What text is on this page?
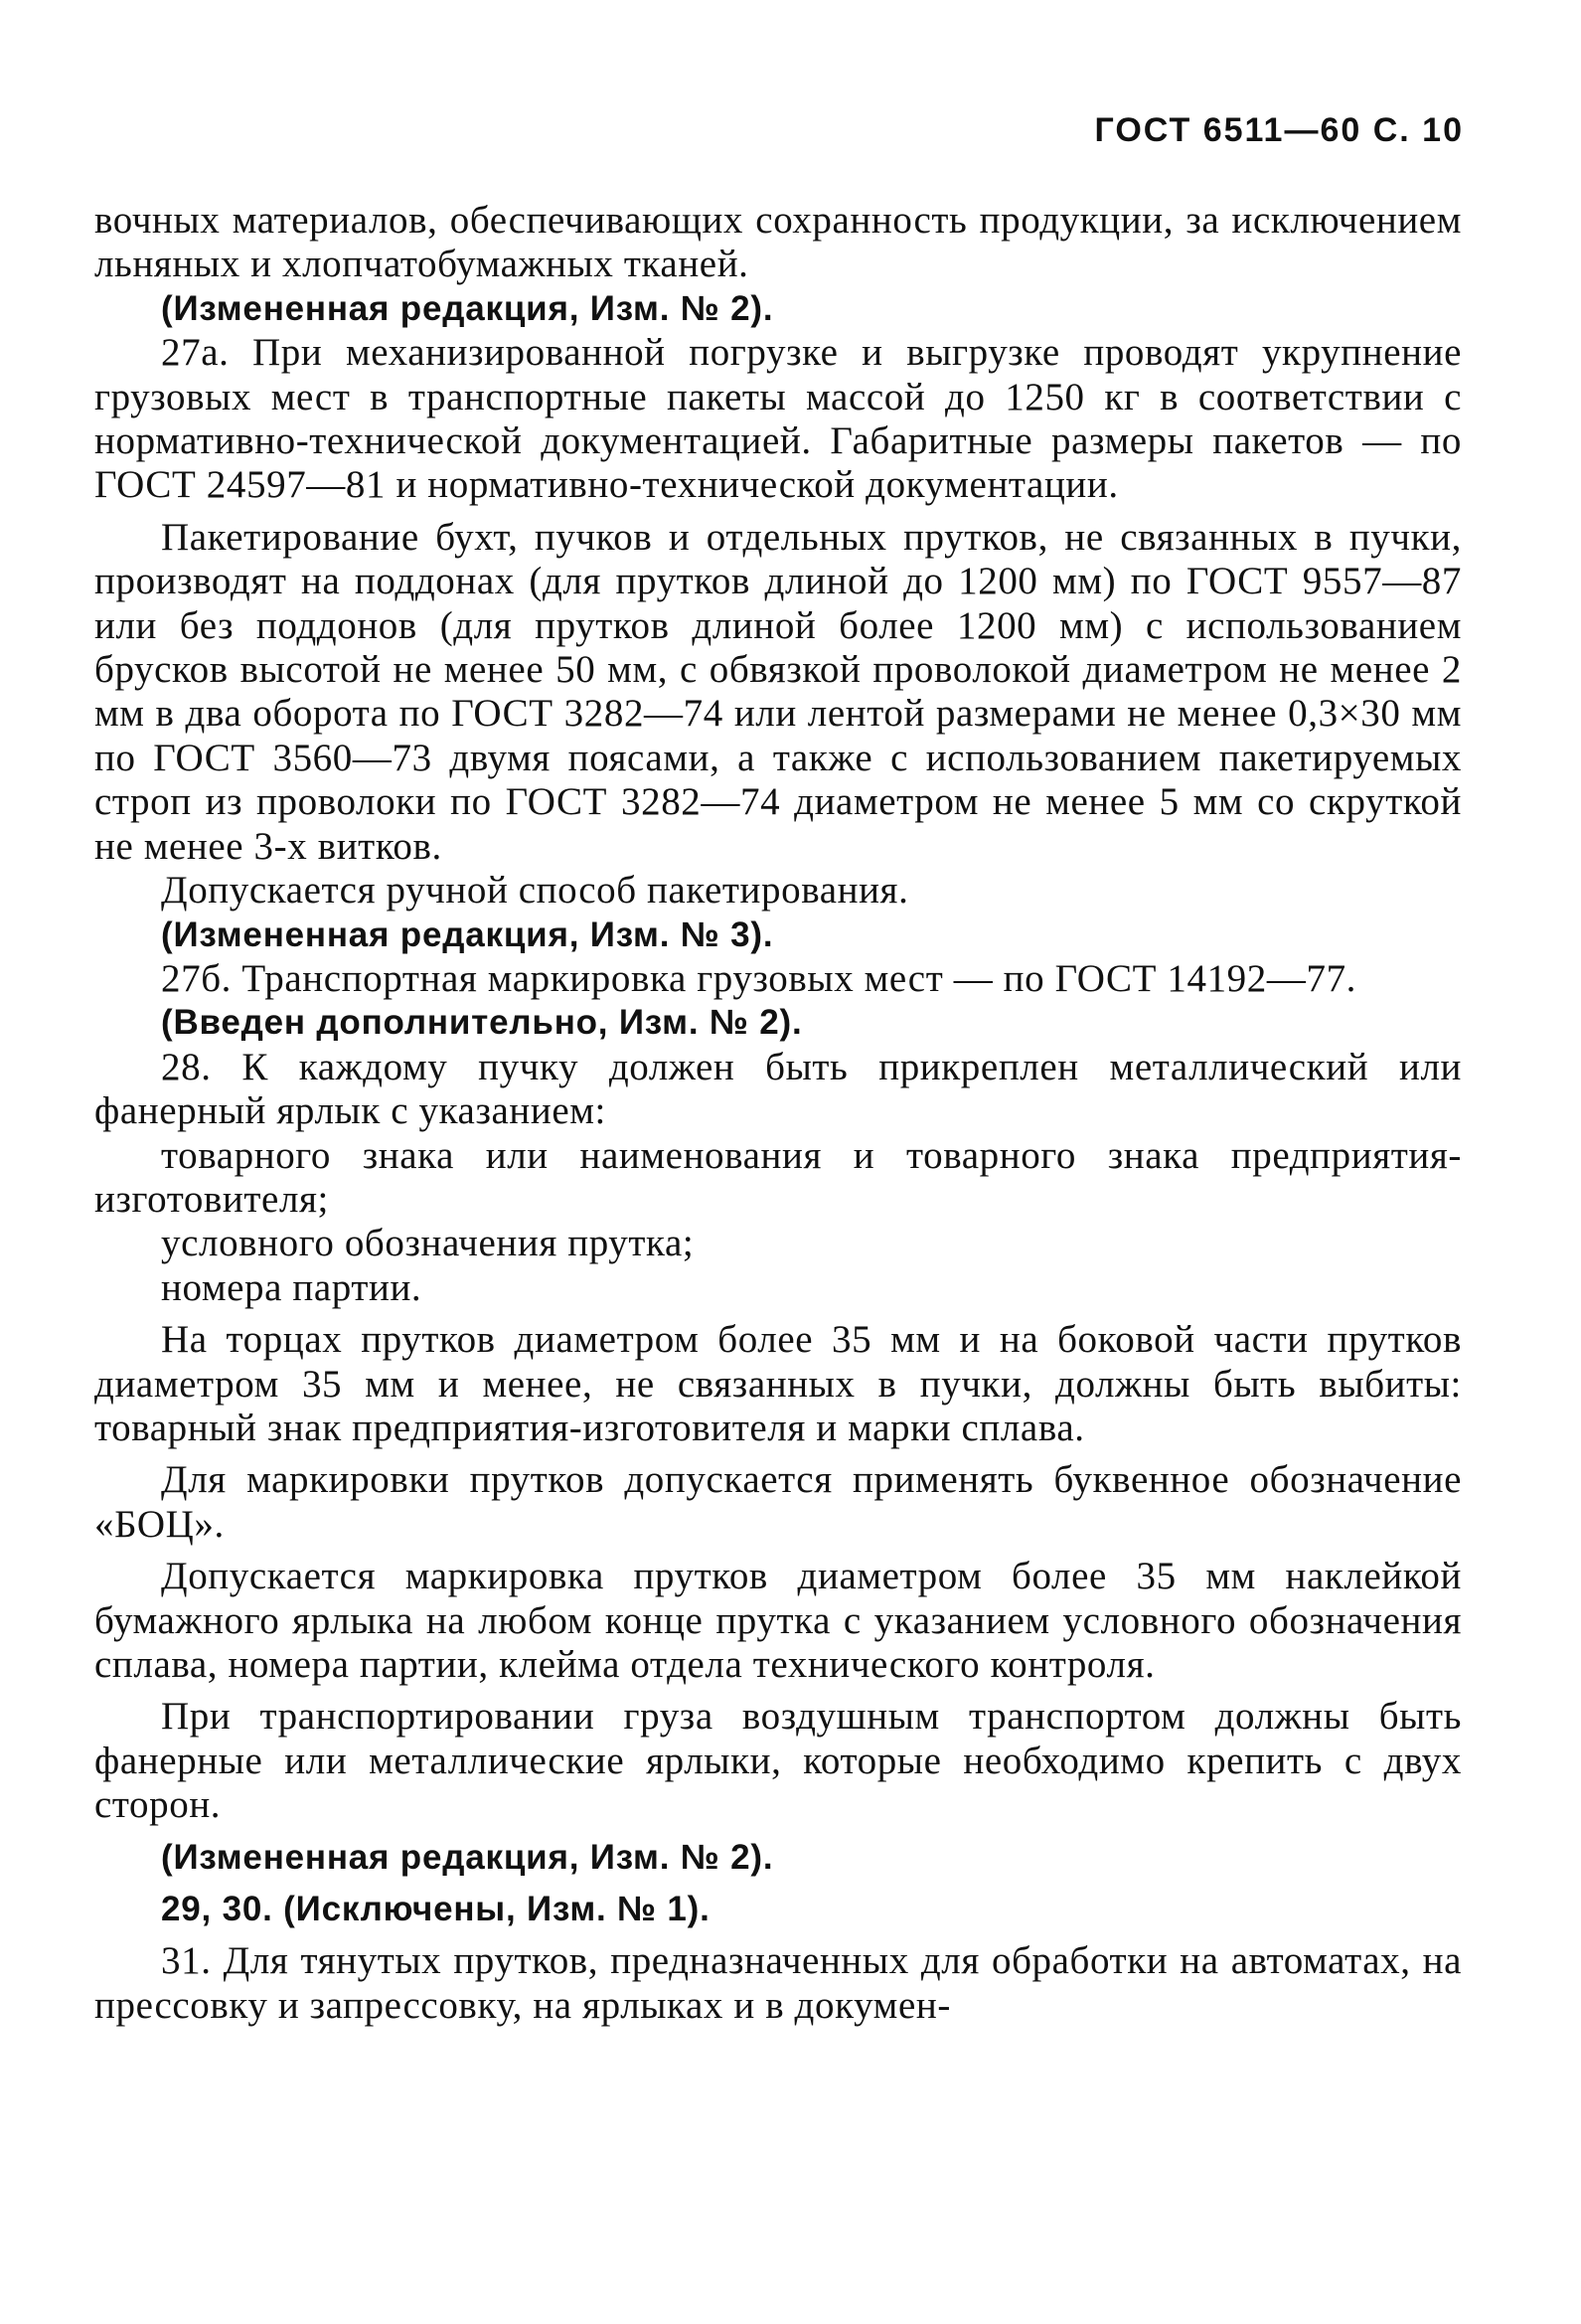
ГОСТ 6511—60 С. 10

вочных материалов, обеспечивающих сохранность продукции, за исключением льняных и хлопчатобумажных тканей.

(Измененная редакция, Изм. № 2).

27а. При механизированной погрузке и выгрузке проводят укрупнение грузовых мест в транспортные пакеты массой до 1250 кг в соответствии с нормативно-технической документацией. Габаритные размеры пакетов — по ГОСТ 24597—81 и нормативно-технической документации.

Пакетирование бухт, пучков и отдельных прутков, не связанных в пучки, производят на поддонах (для прутков длиной до 1200 мм) по ГОСТ 9557—87 или без поддонов (для прутков длиной более 1200 мм) с использованием брусков высотой не менее 50 мм, с обвязкой проволокой диаметром не менее 2 мм в два оборота по ГОСТ 3282—74 или лентой размерами не менее 0,3×30 мм по ГОСТ 3560—73 двумя поясами, а также с использованием пакетируемых строп из проволоки по ГОСТ 3282—74 диаметром не менее 5 мм со скруткой не менее 3-х витков.

Допускается ручной способ пакетирования.

(Измененная редакция, Изм. № 3).

27б. Транспортная маркировка грузовых мест — по ГОСТ 14192—77.

(Введен дополнительно, Изм. № 2).

28. К каждому пучку должен быть прикреплен металлический или фанерный ярлык с указанием:

товарного знака или наименования и товарного знака предприятия-изготовителя;

условного обозначения прутка;

номера партии.

На торцах прутков диаметром более 35 мм и на боковой части прутков диаметром 35 мм и менее, не связанных в пучки, должны быть выбиты: товарный знак предприятия-изготовителя и марки сплава.

Для маркировки прутков допускается применять буквенное обозначение «БОЦ».

Допускается маркировка прутков диаметром более 35 мм наклейкой бумажного ярлыка на любом конце прутка с указанием условного обозначения сплава, номера партии, клейма отдела технического контроля.

При транспортировании груза воздушным транспортом должны быть фанерные или металлические ярлыки, которые необходимо крепить с двух сторон.

(Измененная редакция, Изм. № 2).

29, 30. (Исключены, Изм. № 1).

31. Для тянутых прутков, предназначенных для обработки на автоматах, на прессовку и запрессовку, на ярлыках и в докумен-
